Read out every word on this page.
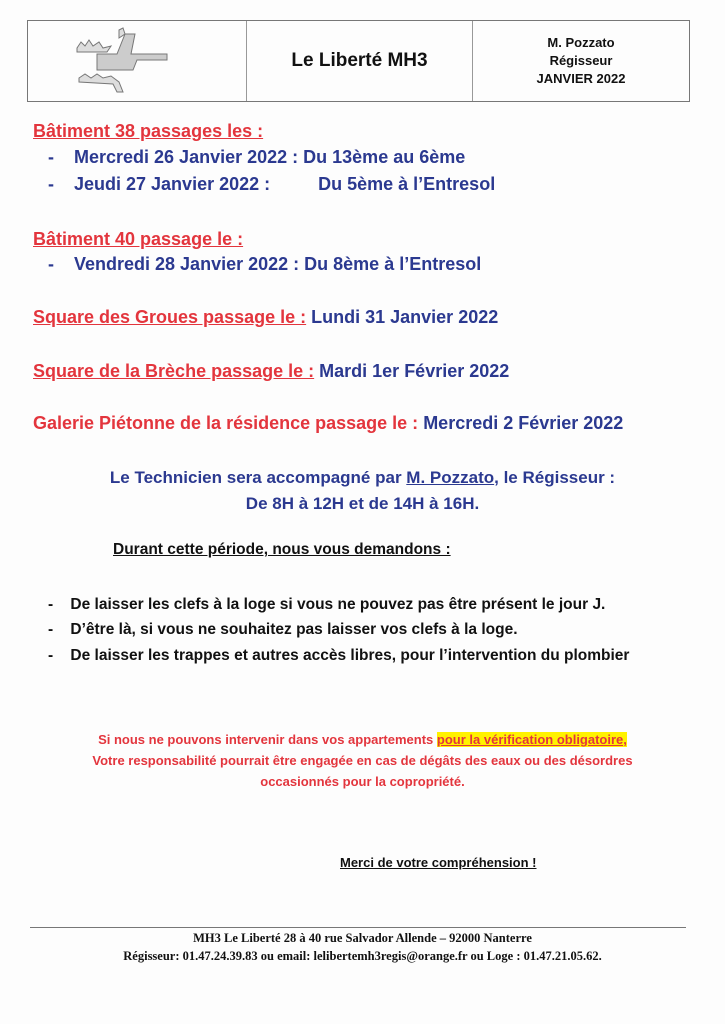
Le Liberté MH3
M. Pozzato
Régisseur
JANVIER 2022
Bâtiment 38 passages les :
-    Mercredi 26 Janvier 2022 : Du 13ème au 6ème
-    Jeudi 27 Janvier 2022 :	Du 5ème à l’Entresol
Bâtiment 40 passage le :
-    Vendredi 28 Janvier 2022 : Du 8ème à l’Entresol
Square des Groues passage le : Lundi 31 Janvier 2022
Square de la Brèche passage le : Mardi 1er Février 2022
Galerie Piétonne de la résidence passage le : Mercredi 2 Février 2022
Le Technicien sera accompagné par M. Pozzato, le Régisseur :
De 8H à 12H et de 14H à 16H.
Durant cette période, nous vous demandons :
-    De laisser les clefs à la loge si vous ne pouvez pas être présent le jour J.
-    D’être là, si vous ne souhaitez pas laisser vos clefs à la loge.
-    De laisser les trappes et autres accès libres, pour l’intervention du plombier
Si nous ne pouvons intervenir dans vos appartements pour la vérification obligatoire,
Votre responsabilité pourrait être engagée en cas de dégâts des eaux ou des désordres
occasionnés pour la copropriété.
Merci de votre compréhension !
MH3 Le Liberté 28 à 40 rue Salvador Allende – 92000 Nanterre
Régisseur: 01.47.24.39.83 ou email: lelibertemh3regis@orange.fr ou Loge : 01.47.21.05.62.
